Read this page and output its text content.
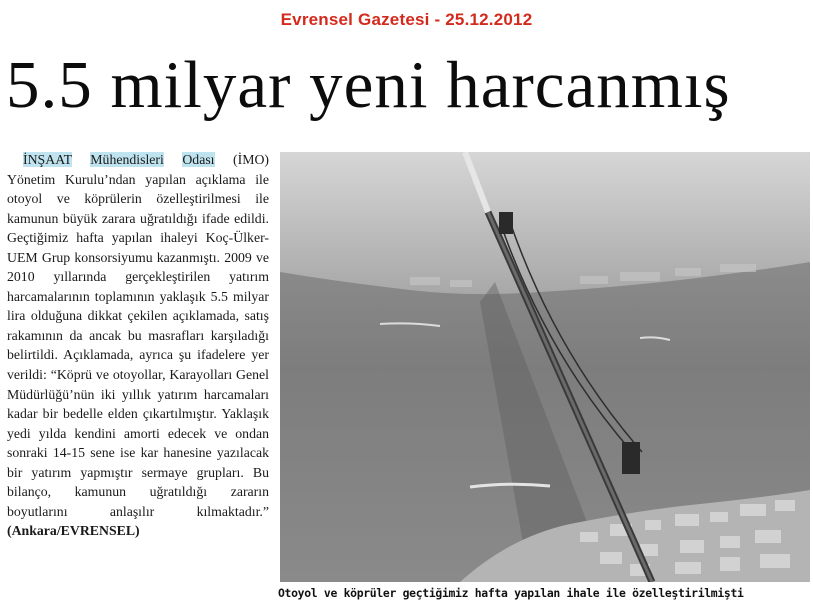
Evrensel Gazetesi - 25.12.2012
5.5 milyar yeni harcanmış

İNŞAAT Mühendisleri Odası (İMO) Yönetim Kurulu’ndan yapılan açıklama ile otoyol ve köprülerin özelleştirilmesi ile kamunun büyük zarara uğratıldığı ifade edildi. Geçtiğimiz hafta yapılan ihaleyi Koç-Ülker-UEM Grup konsorsiyumu kazanmıştı. 2009 ve 2010 yıllarında gerçekleştirilen yatırım harcamalarının toplamının yaklaşık 5.5 milyar lira olduğuna dikkat çekilen açıklamada, satış rakamının da ancak bu masrafları karşıladığı belirtildi. Açıklamada, ayrıca şu ifadelere yer verildi: “Köprü ve otoyollar, Karayolları Genel Müdürlüğü’nün iki yıllık yatırım harcamaları kadar bir bedelle elden çıkartılmıştır. Yaklaşık yedi yılda kendini amorti edecek ve ondan sonraki 14-15 sene ise kar hanesine yazılacak bir yatırım yapmıştır sermaye grupları. Bu bilanço, kamunun uğratıldığı zararın boyutlarını anlaşılır kılmaktadır.” (Ankara/EVRENSEL)

Otoyol ve köprüler geçtiğimiz hafta yapılan ihale ile özelleştirilmişti
